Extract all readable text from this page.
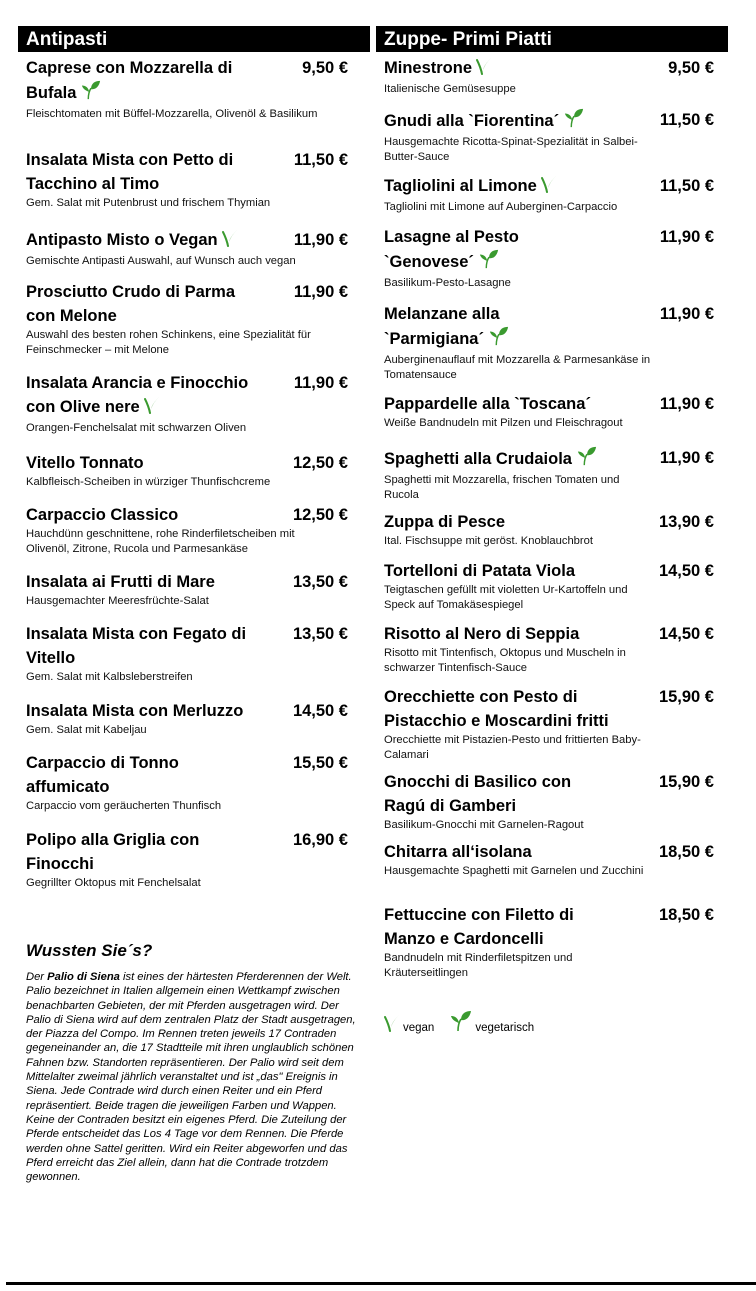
Antipasti
Caprese con Mozzarella di Bufala
9,50 €
Fleischtomaten mit Büffel-Mozzarella, Olivenöl & Basilikum
Insalata Mista con Petto di Tacchino al Timo
11,50 €
Gem. Salat mit Putenbrust und frischem Thymian
Antipasto Misto o Vegan	11,90 €
Gemischte Antipasti Auswahl, auf Wunsch auch vegan
Prosciutto Crudo di Parma con Melone
11,90 €
Auswahl des besten rohen Schinkens, eine Spezialität für Feinschmecker – mit Melone
Insalata Arancia e Finocchio con Olive nere
11,90 €
Orangen-Fenchelsalat mit schwarzen Oliven
Vitello Tonnato	12,50 €
Kalbfleisch-Scheiben in würziger Thunfischcreme
Carpaccio Classico	12,50 €
Hauchdünn geschnittene, rohe Rinderfiletscheiben mit Olivenöl, Zitrone, Rucola und Parmesankäse
Insalata ai Frutti di Mare	13,50 €
Hausgemachter Meeresfrüchte-Salat
Insalata Mista con Fegato di Vitello
13,50 €
Gem. Salat mit Kalbsleberstreifen
Insalata Mista con Merluzzo	14,50 €
Gem. Salat mit Kabeljau
Carpaccio di Tonno affumicato
15,50 €
Carpaccio vom geräucherten Thunfisch
Polipo alla Griglia con Finocchi
16,90 €
Gegrillter Oktopus mit Fenchelsalat
Zuppe- Primi Piatti
Minestrone	9,50 €
Italienische Gemüsesuppe
Gnudi alla `Fiorentina´	11,50 €
Hausgemachte Ricotta-Spinat-Spezialität in Salbei-Butter-Sauce
Tagliolini al Limone	11,50 €
Tagliolini mit Limone auf Auberginen-Carpaccio
Lasagne al Pesto `Genovese´
11,90 €
Basilikum-Pesto-Lasagne
Melanzane alla `Parmigiana´
11,90 €
Auberginenauflauf mit Mozzarella & Parmesankäse in Tomatensauce
Pappardelle alla `Toscana´	11,90 €
Weiße Bandnudeln mit Pilzen und Fleischragout
Spaghetti alla Crudaiola	11,90 €
Spaghetti mit Mozzarella, frischen Tomaten und Rucola
Zuppa di Pesce	13,90 €
Ital. Fischsuppe mit geröst. Knoblauchbrot
Tortelloni di Patata Viola	14,50 €
Teigtaschen gefüllt mit violetten Ur-Kartoffeln und Speck auf Tomakäsespiegel
Risotto al Nero di Seppia	14,50 €
Risotto mit Tintenfisch, Oktopus und Muscheln in schwarzer Tintenfisch-Sauce
Orecchiette con Pesto di Pistacchio e Moscardini fritti
15,90 €
Orecchiette mit Pistazien-Pesto und frittierten Baby-Calamari
Gnocchi di Basilico con Ragú di Gamberi
15,90 €
Basilikum-Gnocchi mit Garnelen-Ragout
Chitarra all‘isolana	18,50 €
Hausgemachte Spaghetti mit Garnelen und Zucchini
Fettuccine con Filetto di Manzo e Cardoncelli
18,50 €
Bandnudeln mit Rinderfiletspitzen und Kräuterseitlingen
Wussten Sie´s?
Der Palio di Siena ist eines der härtesten Pferderennen der Welt. Palio bezeichnet in Italien allgemein einen Wettkampf zwischen benachbarten Gebieten, der mit Pferden ausgetragen wird. Der Palio di Siena wird auf dem zentralen Platz der Stadt ausgetragen, der Piazza del Compo. Im Rennen treten jeweils 17 Contraden gegeneinander an, die 17 Stadtteile mit ihren unglaublich schönen Fahnen bzw. Standorten repräsentieren. Der Palio wird seit dem Mittelalter zweimal jährlich veranstaltet und ist „das" Ereignis in Siena. Jede Contrade wird durch einen Reiter und ein Pferd repräsentiert. Beide tragen die jeweiligen Farben und Wappen. Keine der Contraden besitzt ein eigenes Pferd. Die Zuteilung der Pferde entscheidet das Los 4 Tage vor dem Rennen. Die Pferde werden ohne Sattel geritten. Wird ein Reiter abgeworfen und das Pferd erreicht das Ziel allein, dann hat die Contrade trotzdem gewonnen.
vegan	vegetarisch
